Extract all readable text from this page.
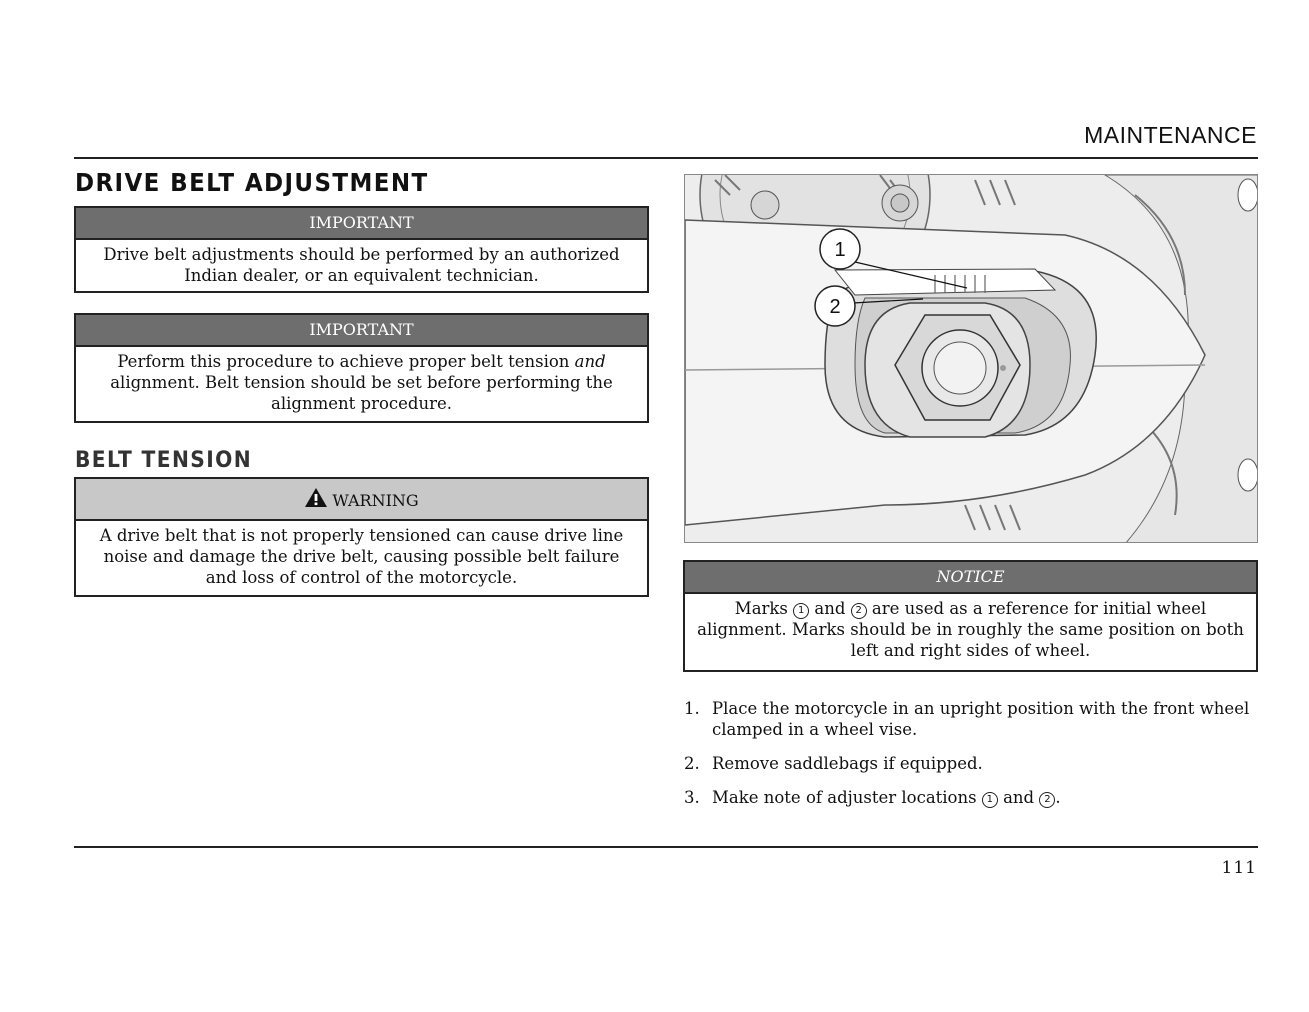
MAINTENANCE
DRIVE BELT ADJUSTMENT
IMPORTANT
Drive belt adjustments should be performed by an authorized Indian dealer, or an equivalent technician.
IMPORTANT
Perform this procedure to achieve proper belt tension and alignment. Belt tension should be set before performing the alignment procedure.
BELT TENSION
WARNING
A drive belt that is not properly tensioned can cause drive line noise and damage the drive belt, causing possible belt failure and loss of control of the motorcycle.
1
2
NOTICE
Marks 1 and 2 are used as a reference for initial wheel alignment. Marks should be in roughly the same position on both left and right sides of wheel.
1. Place the motorcycle in an upright position with the front wheel clamped in a wheel vise.
2. Remove saddlebags if equipped.
3. Make note of adjuster locations 1 and 2 .
111
